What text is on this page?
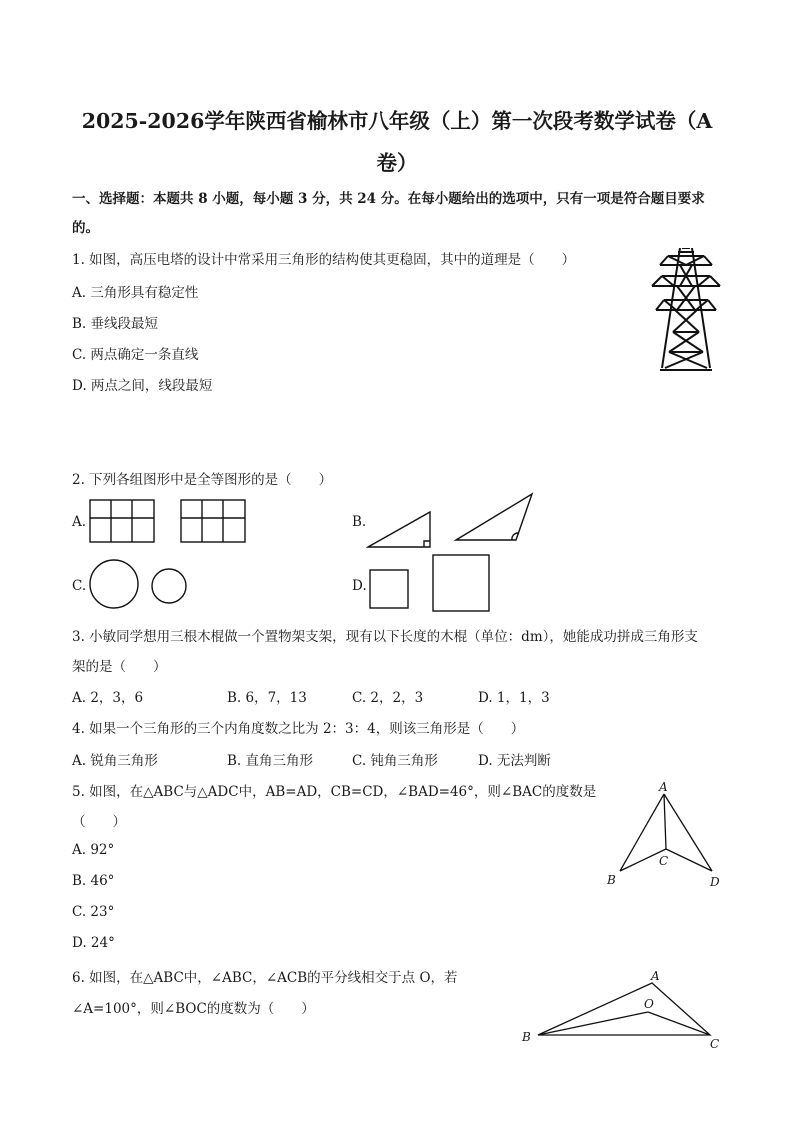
2025-2026学年陕西省榆林市八年级（上）第一次段考数学试卷（A
卷）
一、选择题：本题共 8 小题，每小题 3 分，共 24 分。在每小题给出的选项中，只有一项是符合题目要求
的。
1. 如图，高压电塔的设计中常采用三角形的结构使其更稳固，其中的道理是（　　）
A. 三角形具有稳定性
B. 垂线段最短
C. 两点确定一条直线
D. 两点之间，线段最短
2. 下列各组图形中是全等图形的是（　　）
A.	B.
C.	D.
3. 小敏同学想用三根木棍做一个置物架支架，现有以下长度的木棍（单位：dm），她能成功拼成三角形支
架的是（　　）
A. 2，3，6	B. 6，7，13	C. 2，2，3	D. 1，1，3
4. 如果一个三角形的三个内角度数之比为 2：3：4，则该三角形是（　　）
A. 锐角三角形	B. 直角三角形	C. 钝角三角形	D. 无法判断
5. 如图，在△ABC与△ADC中，AB=AD，CB=CD，∠BAD=46°，则∠BAC的度数是
（　　）
A. 92°
B. 46°
C. 23°
D. 24°
A
B
C
D
6. 如图，在△ABC中，∠ABC，∠ACB的平分线相交于点 O，若
∠A=100°，则∠BOC的度数为（　　）
A
O
B	C
